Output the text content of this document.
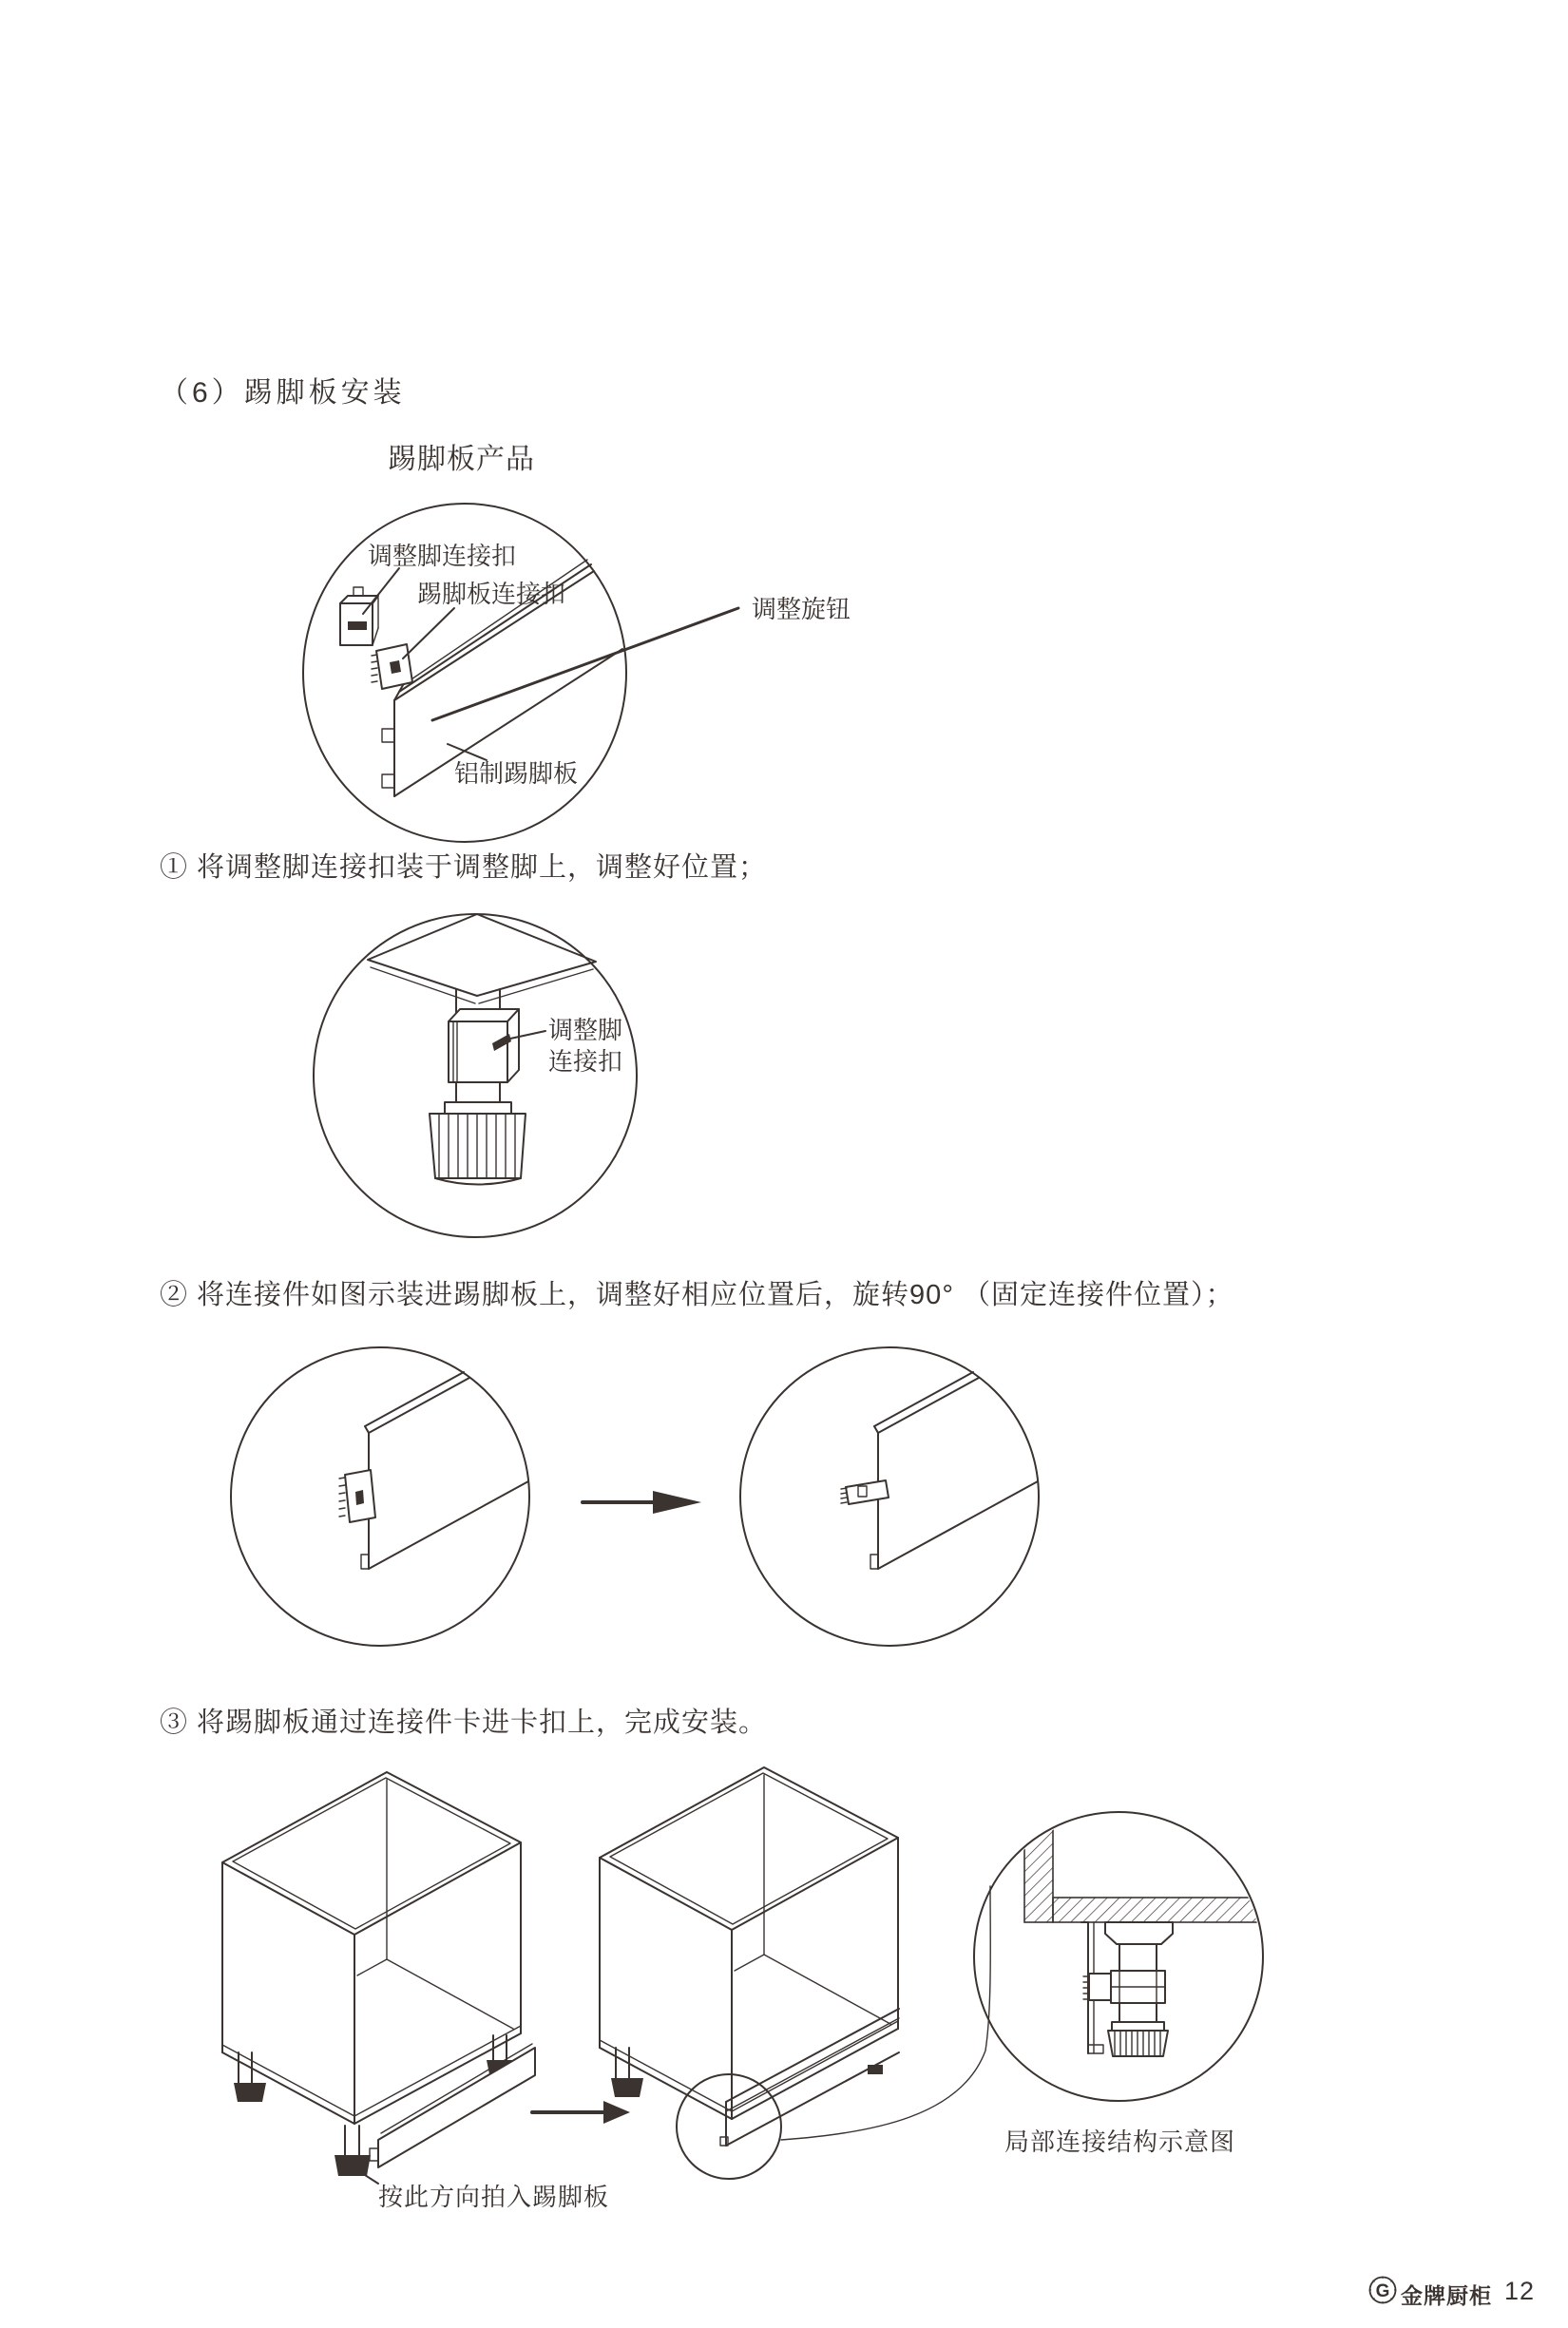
（6）踢脚板安装
踢脚板产品
调整脚连接扣
踢脚板连接扣
调整旋钮
铝制踢脚板
① 将调整脚连接扣装于调整脚上，调整好位置；
调整脚
连接扣
② 将连接件如图示装进踢脚板上，调整好相应位置后，旋转90° （固定连接件位置）；
③ 将踢脚板通过连接件卡进卡扣上，完成安装。
按此方向拍入踢脚板
局部连接结构示意图
G 金牌厨柜 12
